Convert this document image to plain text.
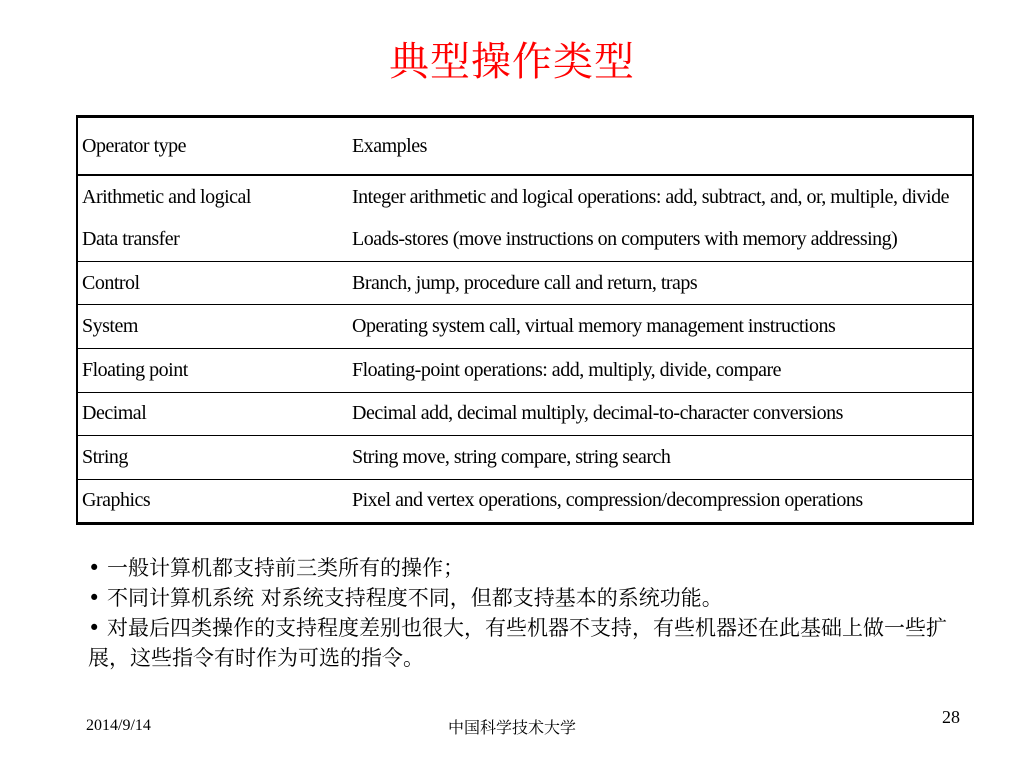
典型操作类型
Operator type	Examples
Arithmetic and logical	Integer arithmetic and logical operations: add, subtract, and, or, multiple, divide
Data transfer	Loads-stores (move instructions on computers with memory addressing)
Control	Branch, jump, procedure call and return, traps
System	Operating system call, virtual memory management instructions
Floating point	Floating-point operations: add, multiply, divide, compare
Decimal	Decimal add, decimal multiply, decimal-to-character conversions
String	String move, string compare, string search
Graphics	Pixel and vertex operations, compression/decompression operations

• 一般计算机都支持前三类所有的操作；

• 不同计算机系统 对系统支持程度不同，但都支持基本的系统功能。

• 对最后四类操作的支持程度差别也很大，有些机器不支持，有些机器还在此基础上做一些扩展，这些指令有时作为可选的指令。

2014/9/14	中国科学技术大学
28
